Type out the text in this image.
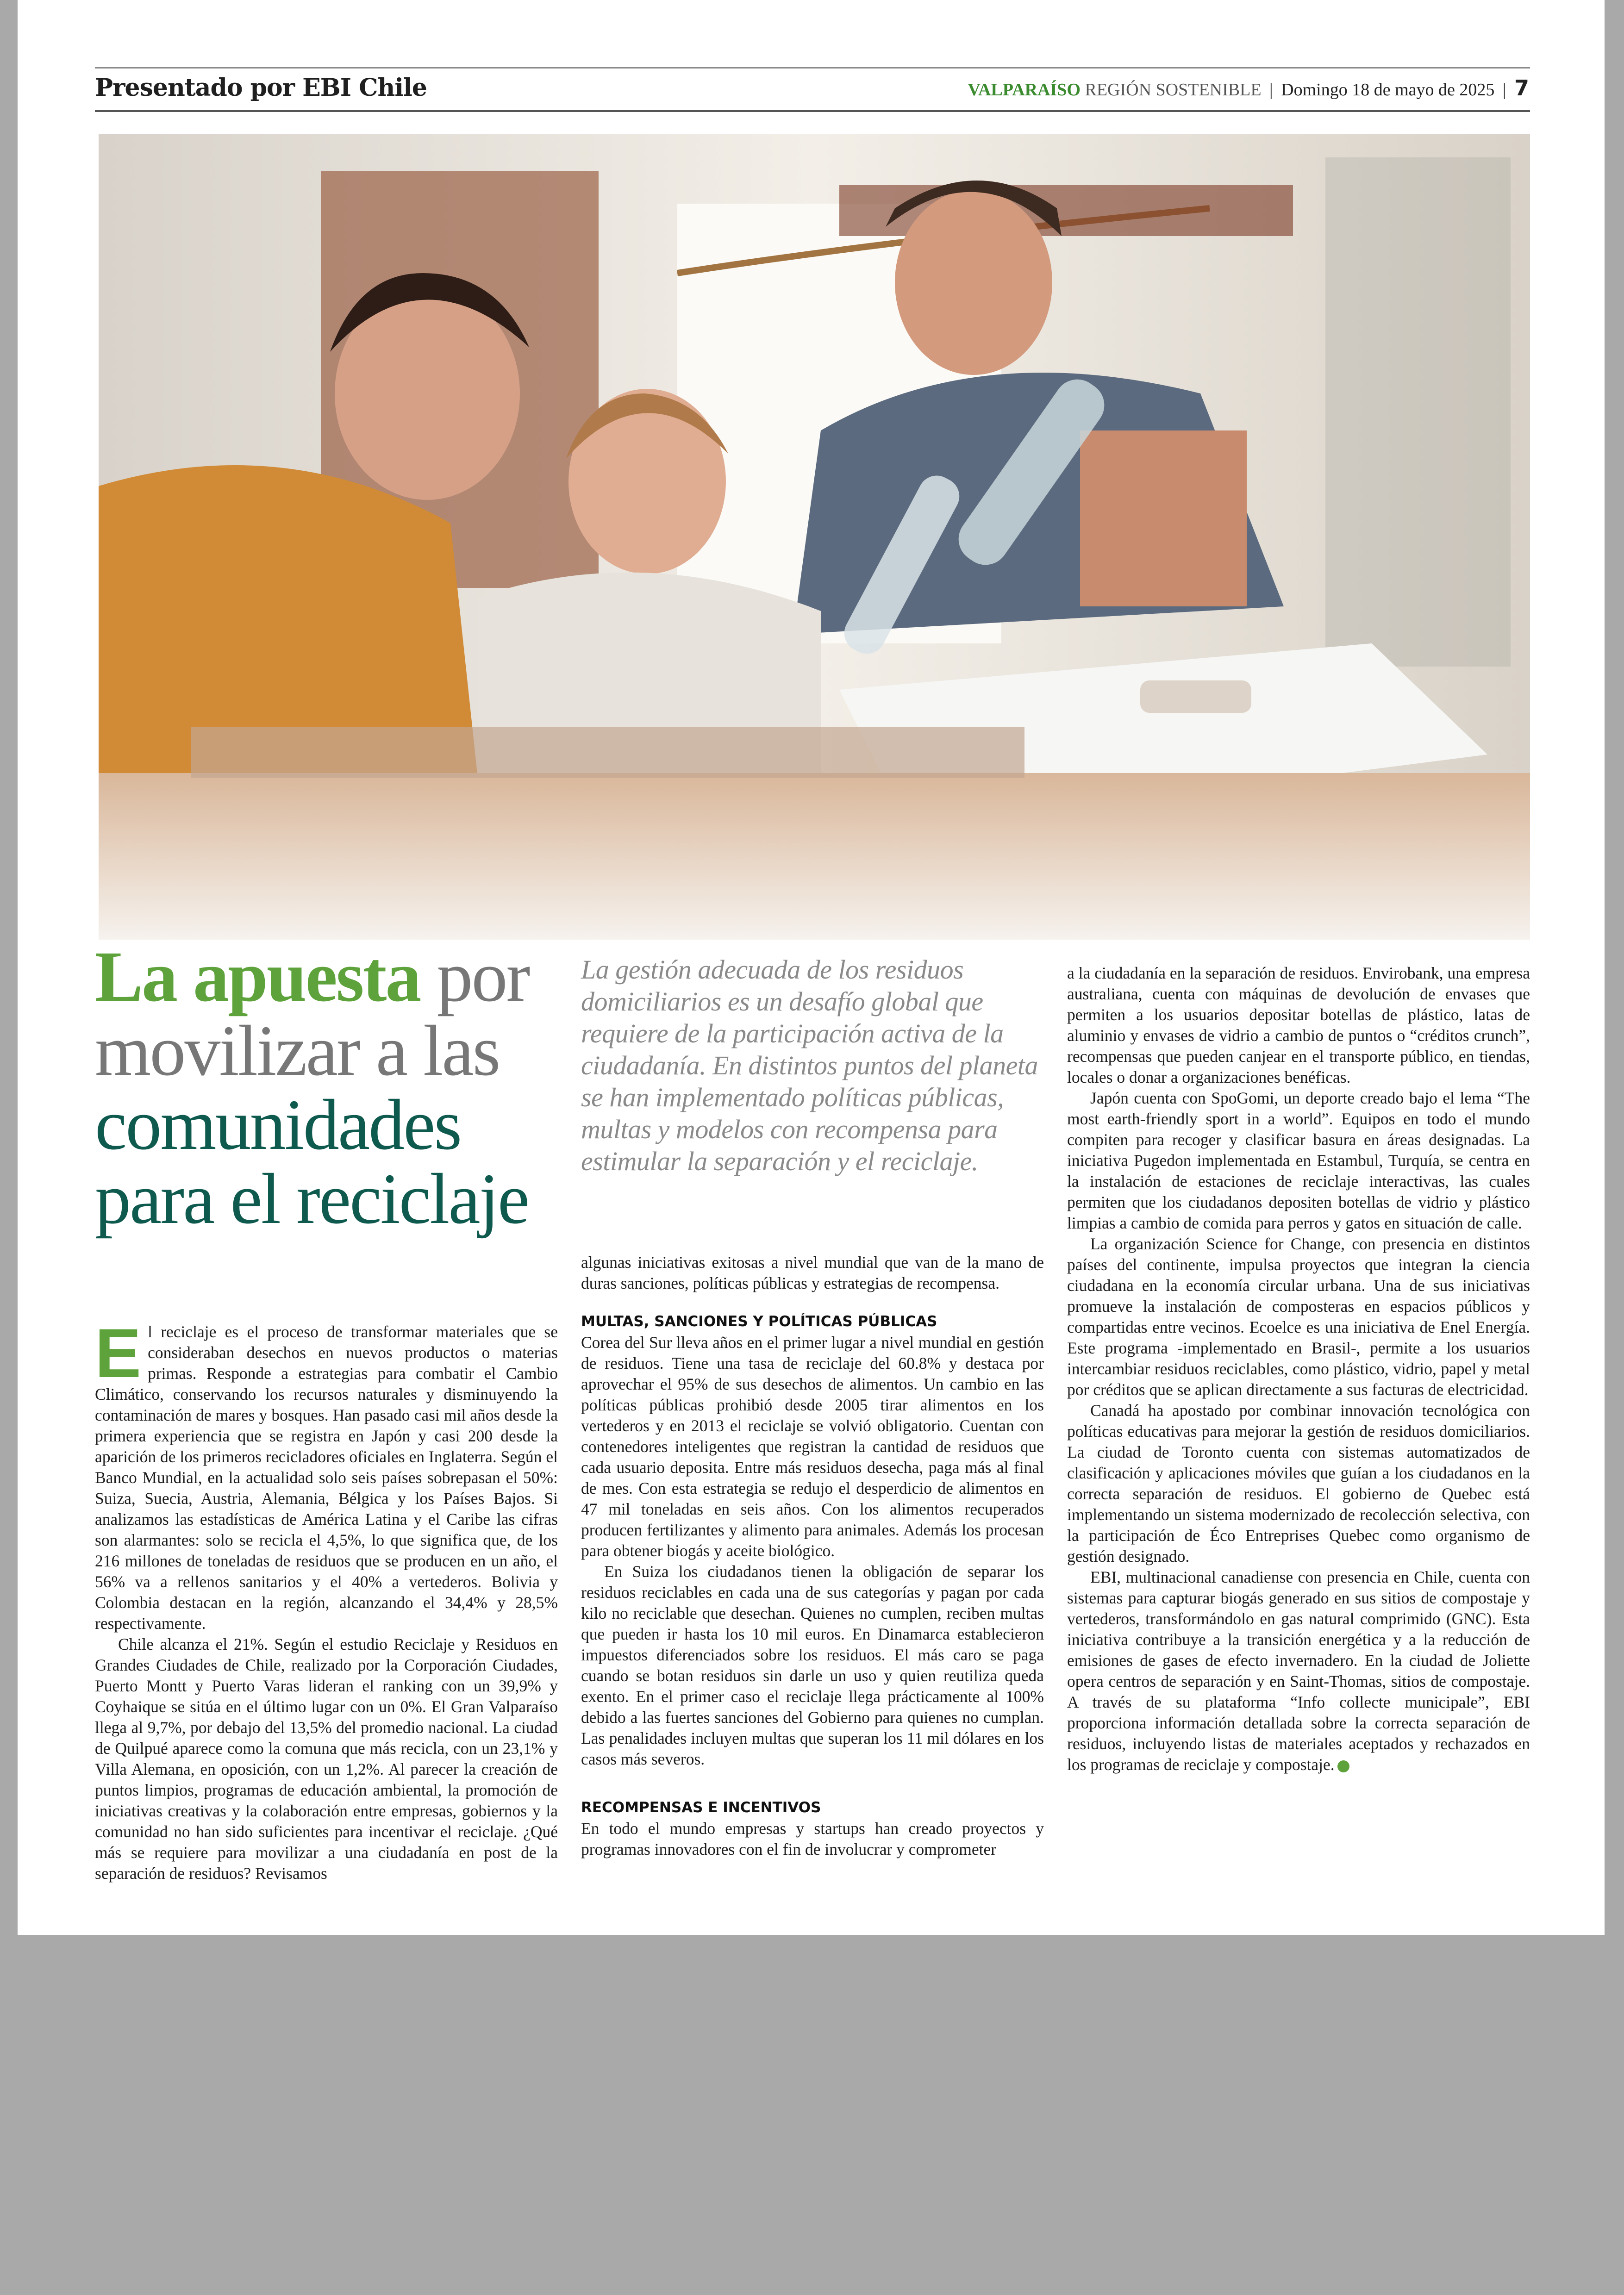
Presentado por EBI Chile	VALPARAÍSO REGIÓN SOSTENIBLE | Domingo 18 de mayo de 2025 | 7
La apuesta por movilizar a las comunidades para el reciclaje
La gestión adecuada de los residuos domiciliarios es un desafío global que requiere de la participación activa de la ciudadanía. En distintos puntos del planeta se han implementado políticas públicas, multas y modelos con recompensa para estimular la separación y el reciclaje.

El reciclaje es el proceso de transformar materiales que se consideraban desechos en nuevos productos o materias primas. Responde a estrategias para combatir el Cambio Climático, conservando los recursos naturales y disminuyendo la contaminación de mares y bosques. Han pasado casi mil años desde la primera experiencia que se registra en Japón y casi 200 desde la aparición de los primeros recicladores oficiales en Inglaterra. Según el Banco Mundial, en la actualidad solo seis países sobrepasan el 50%: Suiza, Suecia, Austria, Alemania, Bélgica y los Países Bajos. Si analizamos las estadísticas de América Latina y el Caribe las cifras son alarmantes: solo se recicla el 4,5%, lo que significa que, de los 216 millones de toneladas de residuos que se producen en un año, el 56% va a rellenos sanitarios y el 40% a vertederos. Bolivia y Colombia destacan en la región, alcanzando el 34,4% y 28,5% respectivamente.

Chile alcanza el 21%. Según el estudio Reciclaje y Residuos en Grandes Ciudades de Chile, realizado por la Corporación Ciudades, Puerto Montt y Puerto Varas lideran el ranking con un 39,9% y Coyhaique se sitúa en el último lugar con un 0%. El Gran Valparaíso llega al 9,7%, por debajo del 13,5% del promedio nacional. La ciudad de Quilpué aparece como la comuna que más recicla, con un 23,1% y Villa Alemana, en oposición, con un 1,2%. Al parecer la creación de puntos limpios, programas de educación ambiental, la promoción de iniciativas creativas y la colaboración entre empresas, gobiernos y la comunidad no han sido suficientes para incentivar el reciclaje. ¿Qué más se requiere para movilizar a una ciudadanía en post de la separación de residuos? Revisamos

algunas iniciativas exitosas a nivel mundial que van de la mano de duras sanciones, políticas públicas y estrategias de recompensa.

MULTAS, SANCIONES Y POLÍTICAS PÚBLICAS

Corea del Sur lleva años en el primer lugar a nivel mundial en gestión de residuos. Tiene una tasa de reciclaje del 60.8% y destaca por aprovechar el 95% de sus desechos de alimentos. Un cambio en las políticas públicas prohibió desde 2005 tirar alimentos en los vertederos y en 2013 el reciclaje se volvió obligatorio. Cuentan con contenedores inteligentes que registran la cantidad de residuos que cada usuario deposita. Entre más residuos desecha, paga más al final de mes. Con esta estrategia se redujo el desperdicio de alimentos en 47 mil toneladas en seis años. Con los alimentos recuperados producen fertilizantes y alimento para animales. Además los procesan para obtener biogás y aceite biológico.

En Suiza los ciudadanos tienen la obligación de separar los residuos reciclables en cada una de sus categorías y pagan por cada kilo no reciclable que desechan. Quienes no cumplen, reciben multas que pueden ir hasta los 10 mil euros. En Dinamarca establecieron impuestos diferenciados sobre los residuos. El más caro se paga cuando se botan residuos sin darle un uso y quien reutiliza queda exento. En el primer caso el reciclaje llega prácticamente al 100% debido a las fuertes sanciones del Gobierno para quienes no cumplan. Las penalidades incluyen multas que superan los 11 mil dólares en los casos más severos.

RECOMPENSAS E INCENTIVOS

En todo el mundo empresas y startups han creado proyectos y programas innovadores con el fin de involucrar y comprometer

a la ciudadanía en la separación de residuos. Envirobank, una empresa australiana, cuenta con máquinas de devolución de envases que permiten a los usuarios depositar botellas de plástico, latas de aluminio y envases de vidrio a cambio de puntos o “créditos crunch”, recompensas que pueden canjear en el transporte público, en tiendas, locales o donar a organizaciones benéficas.

Japón cuenta con SpoGomi, un deporte creado bajo el lema “The most earth-friendly sport in a world”. Equipos en todo el mundo compiten para recoger y clasificar basura en áreas designadas. La iniciativa Pugedon implementada en Estambul, Turquía, se centra en la instalación de estaciones de reciclaje interactivas, las cuales permiten que los ciudadanos depositen botellas de vidrio y plástico limpias a cambio de comida para perros y gatos en situación de calle.

La organización Science for Change, con presencia en distintos países del continente, impulsa proyectos que integran la ciencia ciudadana en la economía circular urbana. Una de sus iniciativas promueve la instalación de composteras en espacios públicos y compartidas entre vecinos. Ecoelce es una iniciativa de Enel Energía. Este programa -implementado en Brasil-, permite a los usuarios intercambiar residuos reciclables, como plástico, vidrio, papel y metal por créditos que se aplican directamente a sus facturas de electricidad.

Canadá ha apostado por combinar innovación tecnológica con políticas educativas para mejorar la gestión de residuos domiciliarios. La ciudad de Toronto cuenta con sistemas automatizados de clasificación y aplicaciones móviles que guían a los ciudadanos en la correcta separación de residuos. El gobierno de Quebec está implementando un sistema modernizado de recolección selectiva, con la participación de Éco Entreprises Quebec como organismo de gestión designado.

EBI, multinacional canadiense con presencia en Chile, cuenta con sistemas para capturar biogás generado en sus sitios de compostaje y vertederos, transformándolo en gas natural comprimido (GNC). Esta iniciativa contribuye a la transición energética y a la reducción de emisiones de gases de efecto invernadero. En la ciudad de Joliette opera centros de separación y en Saint-Thomas, sitios de compostaje. A través de su plataforma “Info collecte municipale”, EBI proporciona información detallada sobre la correcta separación de residuos, incluyendo listas de materiales aceptados y rechazados en los programas de reciclaje y compostaje.
